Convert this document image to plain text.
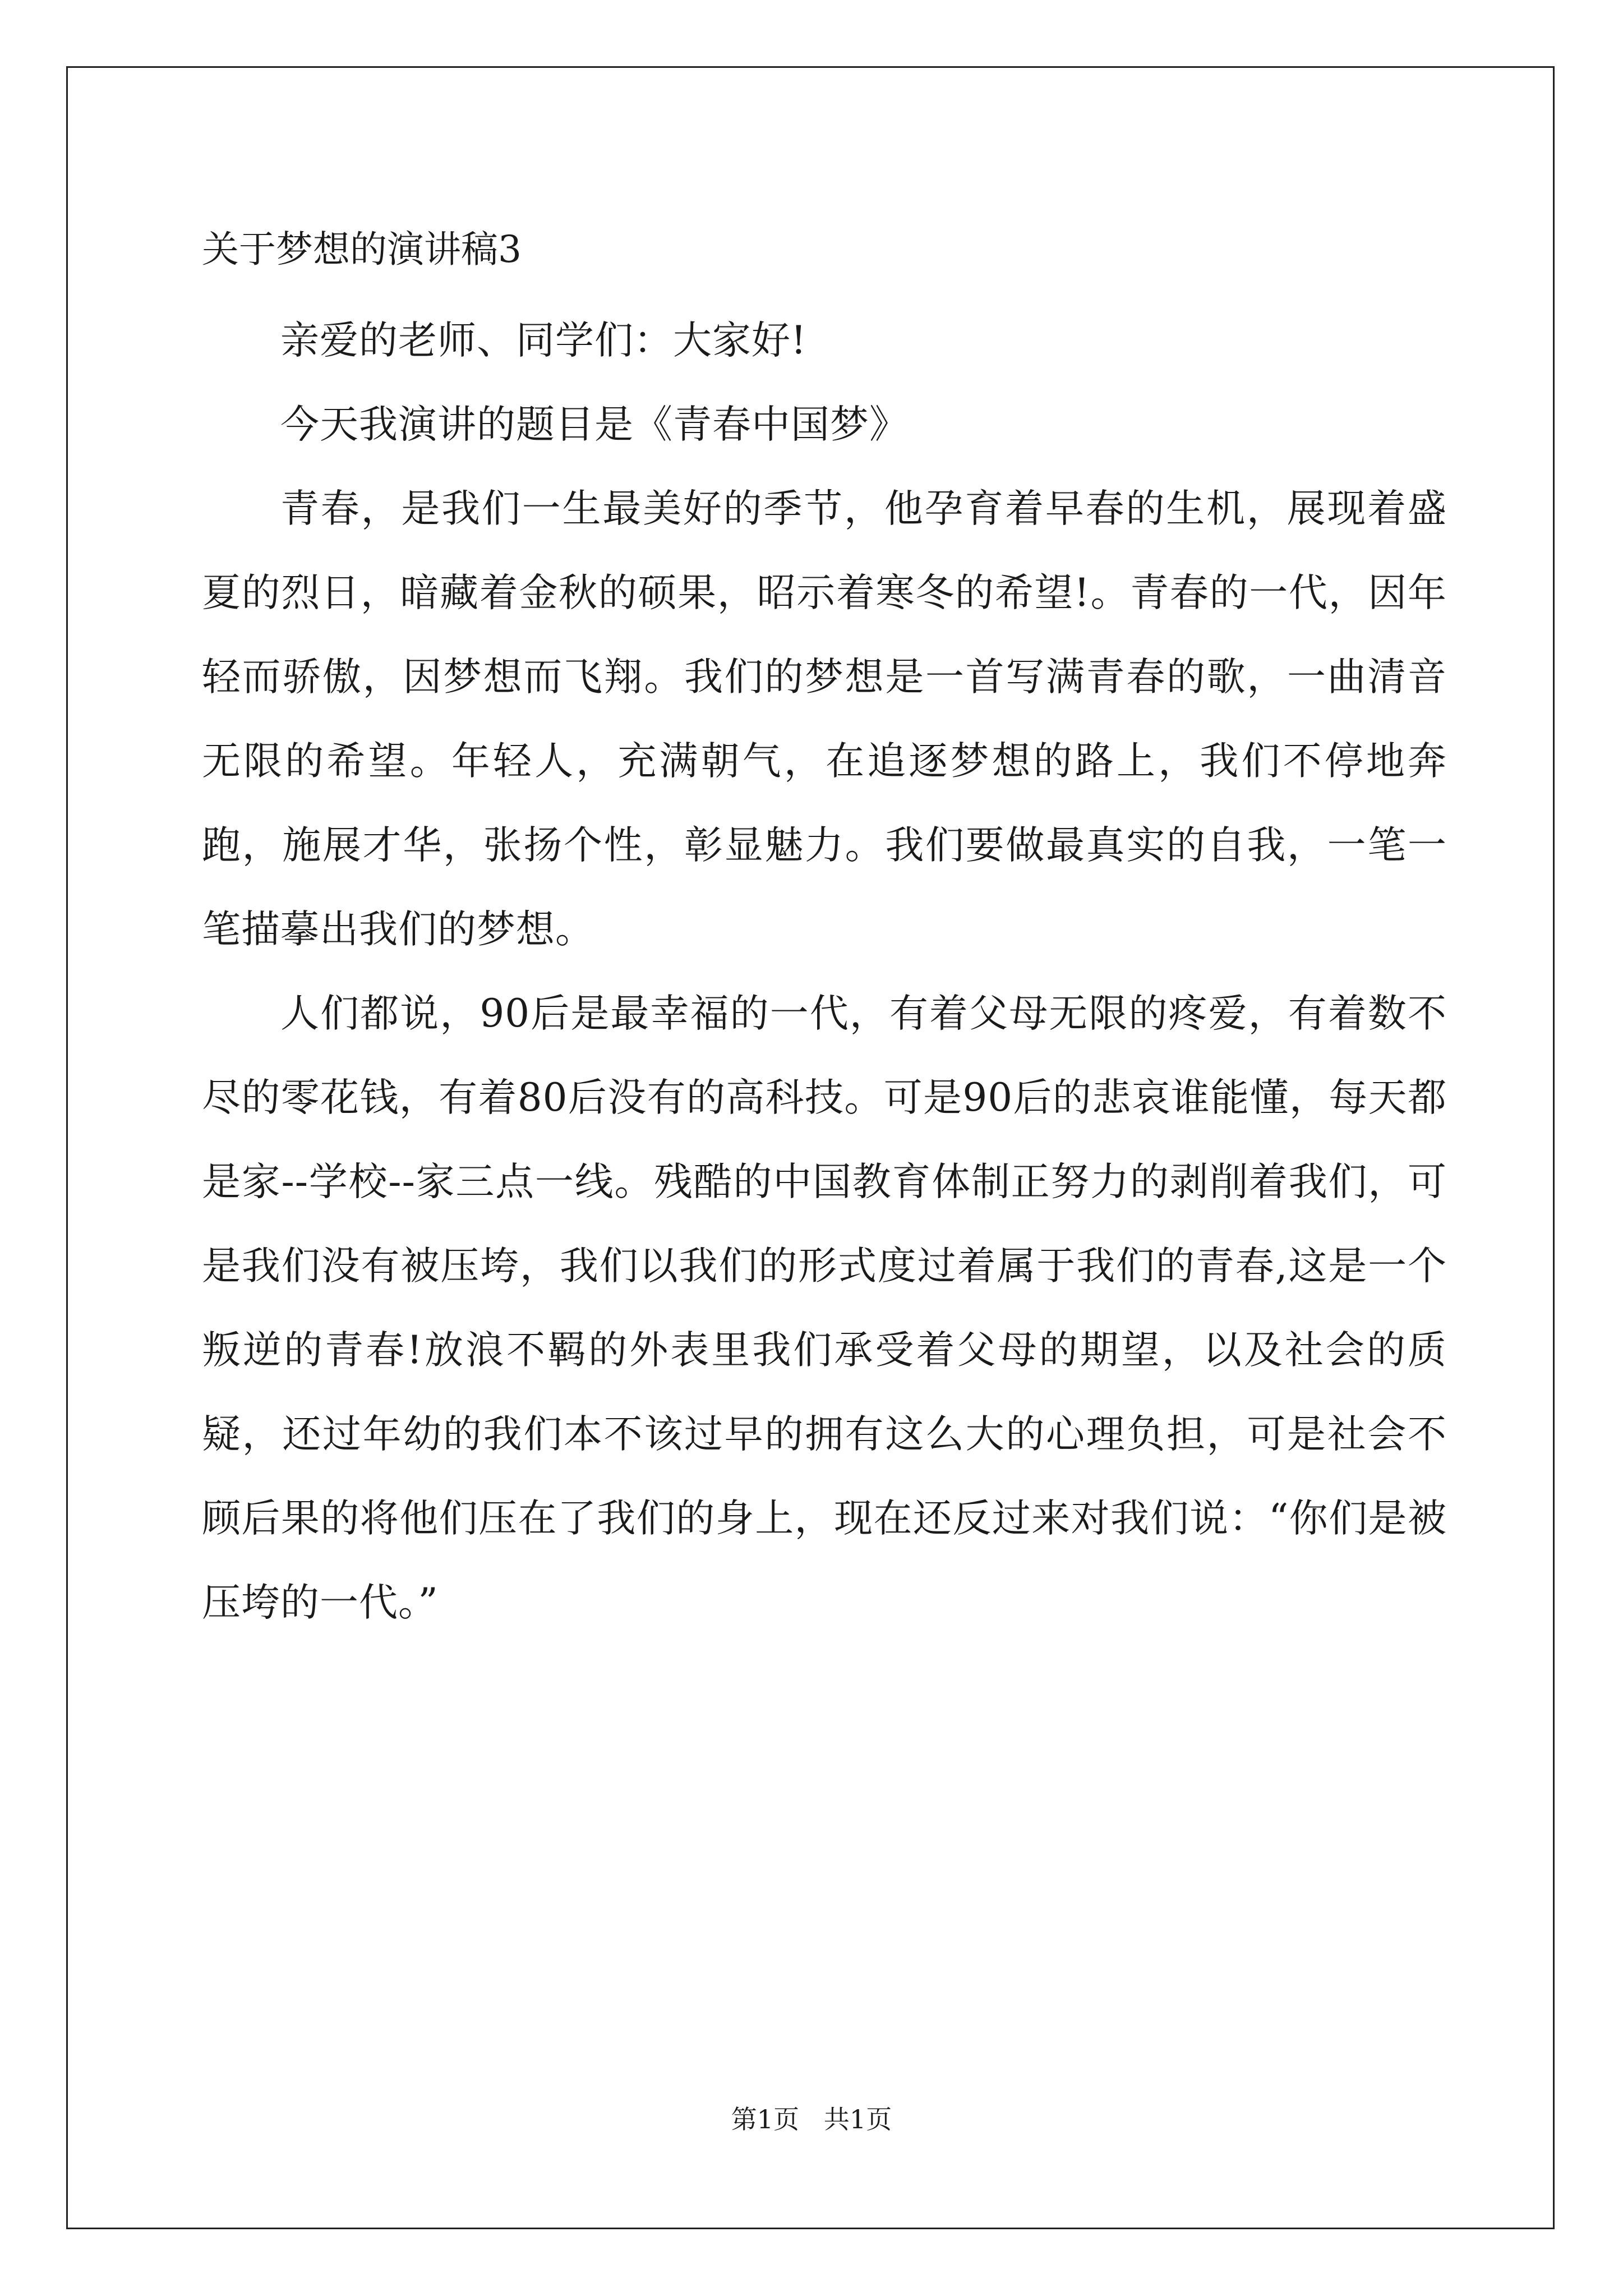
关于梦想的演讲稿3

亲爱的老师、同学们：大家好!

今天我演讲的题目是《青春中国梦》

青春，是我们一生最美好的季节，他孕育着早春的生机，展现着盛夏的烈日，暗藏着金秋的硕果，昭示着寒冬的希望!。青春的一代，因年轻而骄傲，因梦想而飞翔。我们的梦想是一首写满青春的歌，一曲清音无限的希望。年轻人，充满朝气，在追逐梦想的路上，我们不停地奔跑，施展才华，张扬个性，彰显魅力。我们要做最真实的自我，一笔一笔描摹出我们的梦想。

人们都说，90后是最幸福的一代，有着父母无限的疼爱，有着数不尽的零花钱，有着80后没有的高科技。可是90后的悲哀谁能懂，每天都是家--学校--家三点一线。残酷的中国教育体制正努力的剥削着我们，可是我们没有被压垮，我们以我们的形式度过着属于我们的青春,这是一个叛逆的青春!放浪不羁的外表里我们承受着父母的期望，以及社会的质疑，还过年幼的我们本不该过早的拥有这么大的心理负担，可是社会不顾后果的将他们压在了我们的身上，现在还反过来对我们说：“你们是被压垮的一代。”

第1页   共1页
